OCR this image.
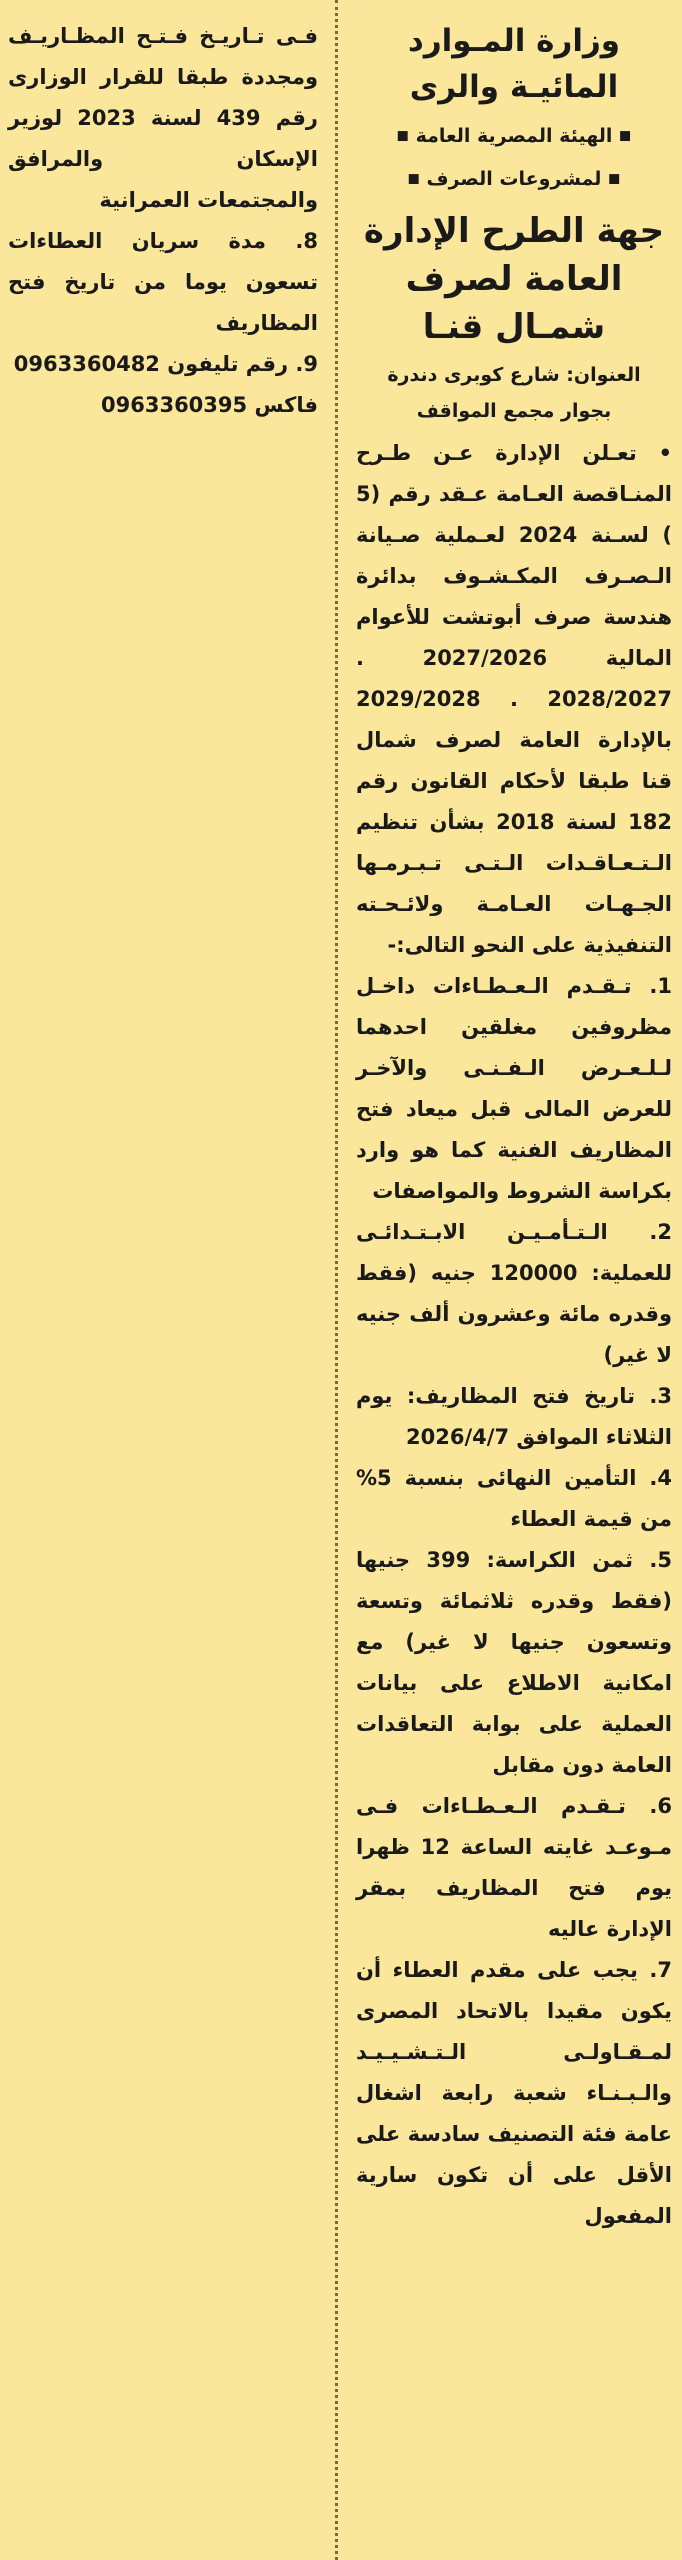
وزارة المـوارد
المائيـة والرى

■ الهيئة المصرية العامة ■

■ لمشروعات الصرف ■

جهة الطرح الإدارة
العامة لصرف
شمـال قنـا

العنوان: شارع كوبرى دندرة
بجوار مجمع المواقف

• تعـلن الإدارة عـن طـرح المنـاقصة العـامة عـقد رقم (5 ) لسـنة 2024 لعـملية صـيانة الـصـرف المكـشـوف بدائرة هندسة صرف أبوتشت للأعوام المالية 2027/2026 . 2028/2027 . 2029/2028 بالإدارة العامة لصرف شمال قنا طبقا لأحكام القانون رقم 182 لسنة 2018 بشأن تنظيم الـتـعـاقـدات الـتـى تـبـرمـها الجـهـات العـامـة ولائـحـته التنفيذية على النحو التالى:-

1. تـقـدم الـعـطـاءات داخـل مظروفين مغلقين احدهما لـلـعـرض الـفـنـى والآخـر للعرض المالى قبل ميعاد فتح المظاريف الفنية كما هو وارد بكراسة الشروط والمواصفات

2. الـتـأمـيـن الابـتـدائـى للعملية: 120000 جنيه (فقط وقدره مائة وعشرون ألف جنيه لا غير)

3. تاريخ فتح المظاريف: يوم الثلاثاء الموافق 2026/4/7

4. التأمين النهائى بنسبة 5% من قيمة العطاء

5. ثمن الكراسة: 399 جنيها (فقط وقدره ثلاثمائة وتسعة وتسعون جنيها لا غير) مع امكانية الاطلاع على بيانات العملية على بوابة التعاقدات العامة دون مقابل

6. تـقـدم الـعـطـاءات فـى مـوعـد غايته الساعة 12 ظهرا يوم فتح المظاريف بمقر الإدارة عاليه

7. يجب على مقدم العطاء أن يكون مقيدا بالاتحاد المصرى لمـقـاولـى الـتـشـيـيـد والـبـنـاء شعبة رابعة اشغال عامة فئة التصنيف سادسة على الأقل على أن تكون سارية المفعول

فـى تـاريـخ فـتـح المظـاريـف ومجددة طبقا للقرار الوزارى رقم 439 لسنة 2023 لوزير الإسكان والمرافق والمجتمعات العمرانية

8. مدة سريان العطاءات تسعون يوما من تاريخ فتح المظاريف

9. رقم تليفون 0963360482
فاكس 0963360395
